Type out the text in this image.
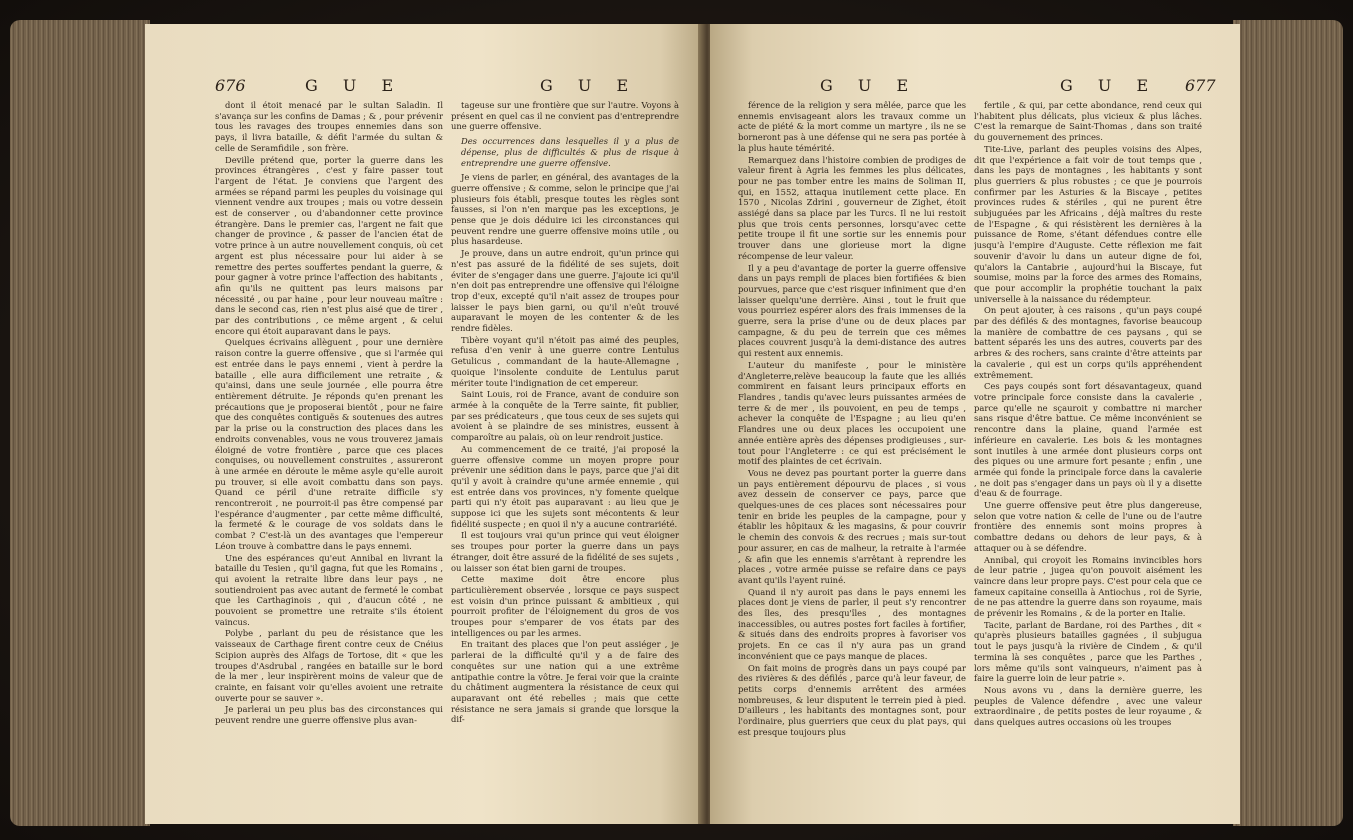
676	G U E	G U E

dont il étoit menacé par le sultan Saladin. Il s'avança sur les confins de Damas ; & , pour prévenir tous les ravages des troupes ennemies dans son pays, il livra bataille, & défit l'armée du sultan & celle de Seramfidile , son frère.

Deville prétend que, porter la guerre dans les provinces étrangères , c'est y faire passer tout l'argent de l'état. Je conviens que l'argent des armées se répand parmi les peuples du voisinage qui viennent vendre aux troupes ; mais ou votre dessein est de conserver , ou d'abandonner cette province étrangère. Dans le premier cas, l'argent ne fait que changer de province , & passer de l'ancien état de votre prince à un autre nouvellement conquis, où cet argent est plus nécessaire pour lui aider à se remettre des pertes souffertes pendant la guerre, & pour gagner à votre prince l'affection des habitants , afin qu'ils ne quittent pas leurs maisons par nécessité , ou par haine , pour leur nouveau maître : dans le second cas, rien n'est plus aisé que de tirer , par des contributions , ce même argent , & celui encore qui étoit auparavant dans le pays.

Quelques écrivains allèguent , pour une dernière raison contre la guerre offensive , que si l'armée qui est entrée dans le pays ennemi , vient à perdre la bataille , elle aura difficilement une retraite , & qu'ainsi, dans une seule journée , elle pourra être entièrement détruite. Je réponds qu'en prenant les précautions que je proposerai bientôt , pour ne faire que des conquêtes contiguës & soutenues des autres par la prise ou la construction des places dans les endroits convenables, vous ne vous trouverez jamais éloigné de votre frontière , parce que ces places conquises, ou nouvellement construites , assureront à une armée en déroute le même asyle qu'elle auroit pu trouver, si elle avoit combattu dans son pays. Quand ce péril d'une retraite difficile s'y rencontreroit , ne pourroit-il pas être compensé par l'espérance d'augmenter , par cette même difficulté, la fermeté & le courage de vos soldats dans le combat ? C'est-là un des avantages que l'empereur Léon trouve à combattre dans le pays ennemi.

Une des espérances qu'eut Annibal en livrant la bataille du Tesien , qu'il gagna, fut que les Romains , qui avoient la retraite libre dans leur pays , ne soutiendroient pas avec autant de fermeté le combat que les Carthaginois , qui , d'aucun côté , ne pouvoient se promettre une retraite s'ils étoient vaincus.

Polybe , parlant du peu de résistance que les vaisseaux de Carthage firent contre ceux de Cnéius Scipion auprès des Alfags de Tortose, dit « que les troupes d'Asdrubal , rangées en bataille sur le bord de la mer , leur inspirèrent moins de valeur que de crainte, en faisant voir qu'elles avoient une retraite ouverte pour se sauver ».

Je parlerai un peu plus bas des circonstances qui peuvent rendre une guerre offensive plus avan-

tageuse sur une frontière que sur l'autre. Voyons à présent en quel cas il ne convient pas d'entreprendre une guerre offensive.

Des occurrences dans lesquelles il y a plus de dépense, plus de difficultés & plus de risque à entreprendre une guerre offensive.

Je viens de parler, en général, des avantages de la guerre offensive ; & comme, selon le principe que j'ai plusieurs fois établi, presque toutes les règles sont fausses, si l'on n'en marque pas les exceptions, je pense que je dois déduire ici les circonstances qui peuvent rendre une guerre offensive moins utile , ou plus hasardeuse.

Je prouve, dans un autre endroit, qu'un prince qui n'est pas assuré de la fidélité de ses sujets, doit éviter de s'engager dans une guerre. J'ajoute ici qu'il n'en doit pas entreprendre une offensive qui l'éloigne trop d'eux, excepté qu'il n'ait assez de troupes pour laisser le pays bien garni, ou qu'il n'eût trouvé auparavant le moyen de les contenter & de les rendre fidèles.

Tibère voyant qu'il n'étoit pas aimé des peuples, refusa d'en venir à une guerre contre Lentulus Getulicus , commandant de la haute-Allemagne , quoique l'insolente conduite de Lentulus parut mériter toute l'indignation de cet empereur.

Saint Louis, roi de France, avant de conduire son armée à la conquête de la Terre sainte, fit publier, par ses prédicateurs , que tous ceux de ses sujets qui avoient à se plaindre de ses ministres, eussent à comparoître au palais, où on leur rendroit justice.

Au commencement de ce traité, j'ai proposé la guerre offensive comme un moyen propre pour prévenir une sédition dans le pays, parce que j'ai dit qu'il y avoit à craindre qu'une armée ennemie , qui est entrée dans vos provinces, n'y fomente quelque parti qui n'y étoit pas auparavant : au lieu que je suppose ici que les sujets sont mécontents & leur fidélité suspecte ; en quoi il n'y a aucune contrariété.

Il est toujours vrai qu'un prince qui veut éloigner ses troupes pour porter la guerre dans un pays étranger, doit être assuré de la fidélité de ses sujets , ou laisser son état bien garni de troupes.

Cette maxime doit être encore plus particulièrement observée , lorsque ce pays suspect est voisin d'un prince puissant & ambitieux , qui pourroit profiter de l'éloignement du gros de vos troupes pour s'emparer de vos états par des intelligences ou par les armes.

En traitant des places que l'on peut assiéger , je parlerai de la difficulté qu'il y a de faire des conquêtes sur une nation qui a une extrême antipathie contre la vôtre. Je ferai voir que la crainte du châtiment augmentera la résistance de ceux qui auparavant ont été rebelles ; mais que cette résistance ne sera jamais si grande que lorsque la dif-

G U E	G U E 677

férence de la religion y sera mêlée, parce que les ennemis envisageant alors les travaux comme un acte de piété & la mort comme un martyre , ils ne se borneront pas à une défense qui ne sera pas portée à la plus haute témérité.

Remarquez dans l'histoire combien de prodiges de valeur firent à Agria les femmes les plus délicates, pour ne pas tomber entre les mains de Soliman II, qui, en 1552, attaqua inutilement cette place. En 1570 , Nicolas Zdrini , gouverneur de Zighet, étoit assiégé dans sa place par les Turcs. Il ne lui restoit plus que trois cents personnes, lorsqu'avec cette petite troupe il fit une sortie sur les ennemis pour trouver dans une glorieuse mort la digne récompense de leur valeur.

Il y a peu d'avantage de porter la guerre offensive dans un pays rempli de places bien fortifiées & bien pourvues, parce que c'est risquer infiniment que d'en laisser quelqu'une derrière. Ainsi , tout le fruit que vous pourriez espérer alors des frais immenses de la guerre, sera la prise d'une ou de deux places par campagne, & du peu de terrein que ces mêmes places couvrent jusqu'à la demi-distance des autres qui restent aux ennemis.

L'auteur du manifeste , pour le ministère d'Angleterre,relève beaucoup la faute que les alliés commirent en faisant leurs principaux efforts en Flandres , tandis qu'avec leurs puissantes armées de terre & de mer , ils pouvoient, en peu de temps , achever la conquête de l'Espagne ; au lieu qu'en Flandres une ou deux places les occupoient une année entière après des dépenses prodigieuses , sur-tout pour l'Angleterre : ce qui est précisément le motif des plaintes de cet écrivain.

Vous ne devez pas pourtant porter la guerre dans un pays entièrement dépourvu de places , si vous avez dessein de conserver ce pays, parce que quelques-unes de ces places sont nécessaires pour tenir en bride les peuples de la campagne, pour y établir les hôpitaux & les magasins, & pour couvrir le chemin des convois & des recrues ; mais sur-tout pour assurer, en cas de malheur, la retraite à l'armée , & afin que les ennemis s'arrêtant à reprendre les places , votre armée puisse se refaire dans ce pays avant qu'ils l'ayent ruiné.

Quand il n'y auroit pas dans le pays ennemi les places dont je viens de parler, il peut s'y rencontrer des îles, des presqu'îles , des montagnes inaccessibles, ou autres postes fort faciles à fortifier, & situés dans des endroits propres à favoriser vos projets. En ce cas il n'y aura pas un grand inconvénient que ce pays manque de places.

On fait moins de progrès dans un pays coupé par des rivières & des défilés , parce qu'à leur faveur, de petits corps d'ennemis arrêtent des armées nombreuses, & leur disputent le terrein pied à pied. D'ailleurs , les habitants des montagnes sont, pour l'ordinaire, plus guerriers que ceux du plat pays, qui est presque toujours plus

fertile , & qui, par cette abondance, rend ceux qui l'habitent plus délicats, plus vicieux & plus lâches. C'est la remarque de Saint-Thomas , dans son traité du gouvernement des princes.

Tite-Live, parlant des peuples voisins des Alpes, dit que l'expérience a fait voir de tout temps que , dans les pays de montagnes , les habitants y sont plus guerriers & plus robustes ; ce que je pourrois confirmer par les Asturies & la Biscaye , petites provinces rudes & stériles , qui ne purent être subjuguées par les Africains , déjà maîtres du reste de l'Espagne , & qui résistèrent les dernières à la puissance de Rome, s'étant défendues contre elle jusqu'à l'empire d'Auguste. Cette réflexion me fait souvenir d'avoir lu dans un auteur digne de foi, qu'alors la Cantabrie , aujourd'hui la Biscaye, fut soumise, moins par la force des armes des Romains, que pour accomplir la prophétie touchant la paix universelle à la naissance du rédempteur.

On peut ajouter, à ces raisons , qu'un pays coupé par des défilés & des montagnes, favorise beaucoup la manière de combattre de ces paysans , qui se battent séparés les uns des autres, couverts par des arbres & des rochers, sans crainte d'être atteints par la cavalerie , qui est un corps qu'ils appréhendent extrêmement.

Ces pays coupés sont fort désavantageux, quand votre principale force consiste dans la cavalerie , parce qu'elle ne sçauroit y combattre ni marcher sans risque d'être battue. Ce même inconvénient se rencontre dans la plaine, quand l'armée est inférieure en cavalerie. Les bois & les montagnes sont inutiles à une armée dont plusieurs corps ont des piques ou une armure fort pesante ; enfin , une armée qui fonde la principale force dans la cavalerie , ne doit pas s'engager dans un pays où il y a disette d'eau & de fourrage.

Une guerre offensive peut être plus dangereuse, selon que votre nation & celle de l'une ou de l'autre frontière des ennemis sont moins propres à combattre dedans ou dehors de leur pays, & à attaquer ou à se défendre.

Annibal, qui croyoit les Romains invincibles hors de leur patrie , jugea qu'on pouvoit aisément les vaincre dans leur propre pays. C'est pour cela que ce fameux capitaine conseilla à Antiochus , roi de Syrie, de ne pas attendre la guerre dans son royaume, mais de prévenir les Romains , & de la porter en Italie.

Tacite, parlant de Bardane, roi des Parthes , dit « qu'après plusieurs batailles gagnées , il subjugua tout le pays jusqu'à la rivière de Cindem , & qu'il termina là ses conquêtes , parce que les Parthes , lors même qu'ils sont vainqueurs, n'aiment pas à faire la guerre loin de leur patrie ».

Nous avons vu , dans la dernière guerre, les peuples de Valence défendre , avec une valeur extraordinaire , de petits postes de leur royaume , & dans quelques autres occasions où les troupes
